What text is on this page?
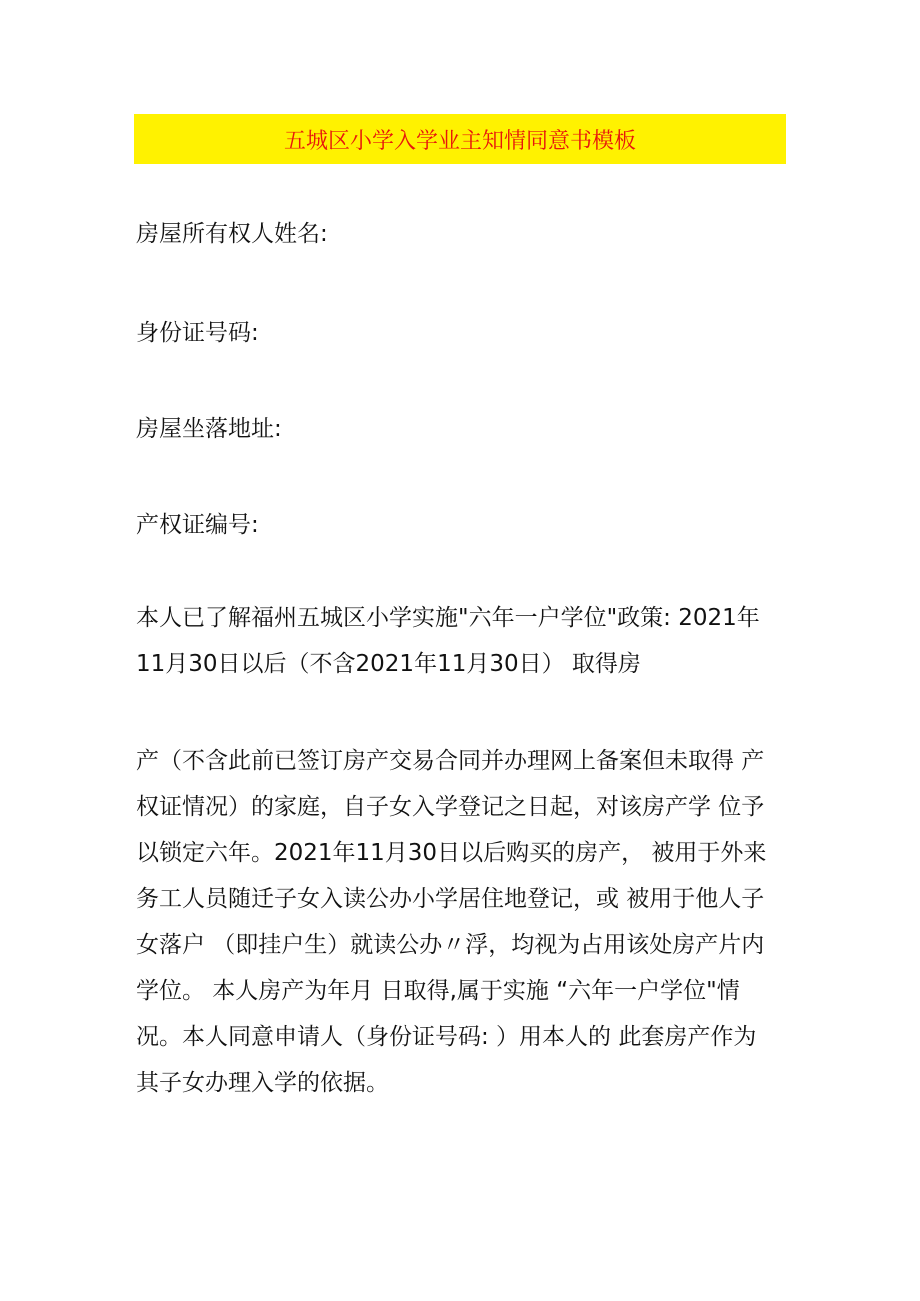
五城区小学入学业主知情同意书模板
房屋所有权人姓名:
身份证号码:
房屋坐落地址:
产权证编号:
本人已了解福州五城区小学实施"六年一户学位"政策: 2021年
11月30日以后（不含2021年11月30日） 取得房
产（不含此前已签订房产交易合同并办理网上备案但未取得 产
权证情况）的家庭，自子女入学登记之日起，对该房产学 位予
以锁定六年。2021年11月30日以后购买的房产， 被用于外来
务工人员随迁子女入读公办小学居住地登记，或 被用于他人子
女落户 （即挂户生）就读公办〃浮，均视为占用该处房产片内
学位。 本人房产为年月 日取得,属于实施 “六年一户学位"情
况。本人同意申请人（身份证号码: ）用本人的 此套房产作为
其子女办理入学的依据。
